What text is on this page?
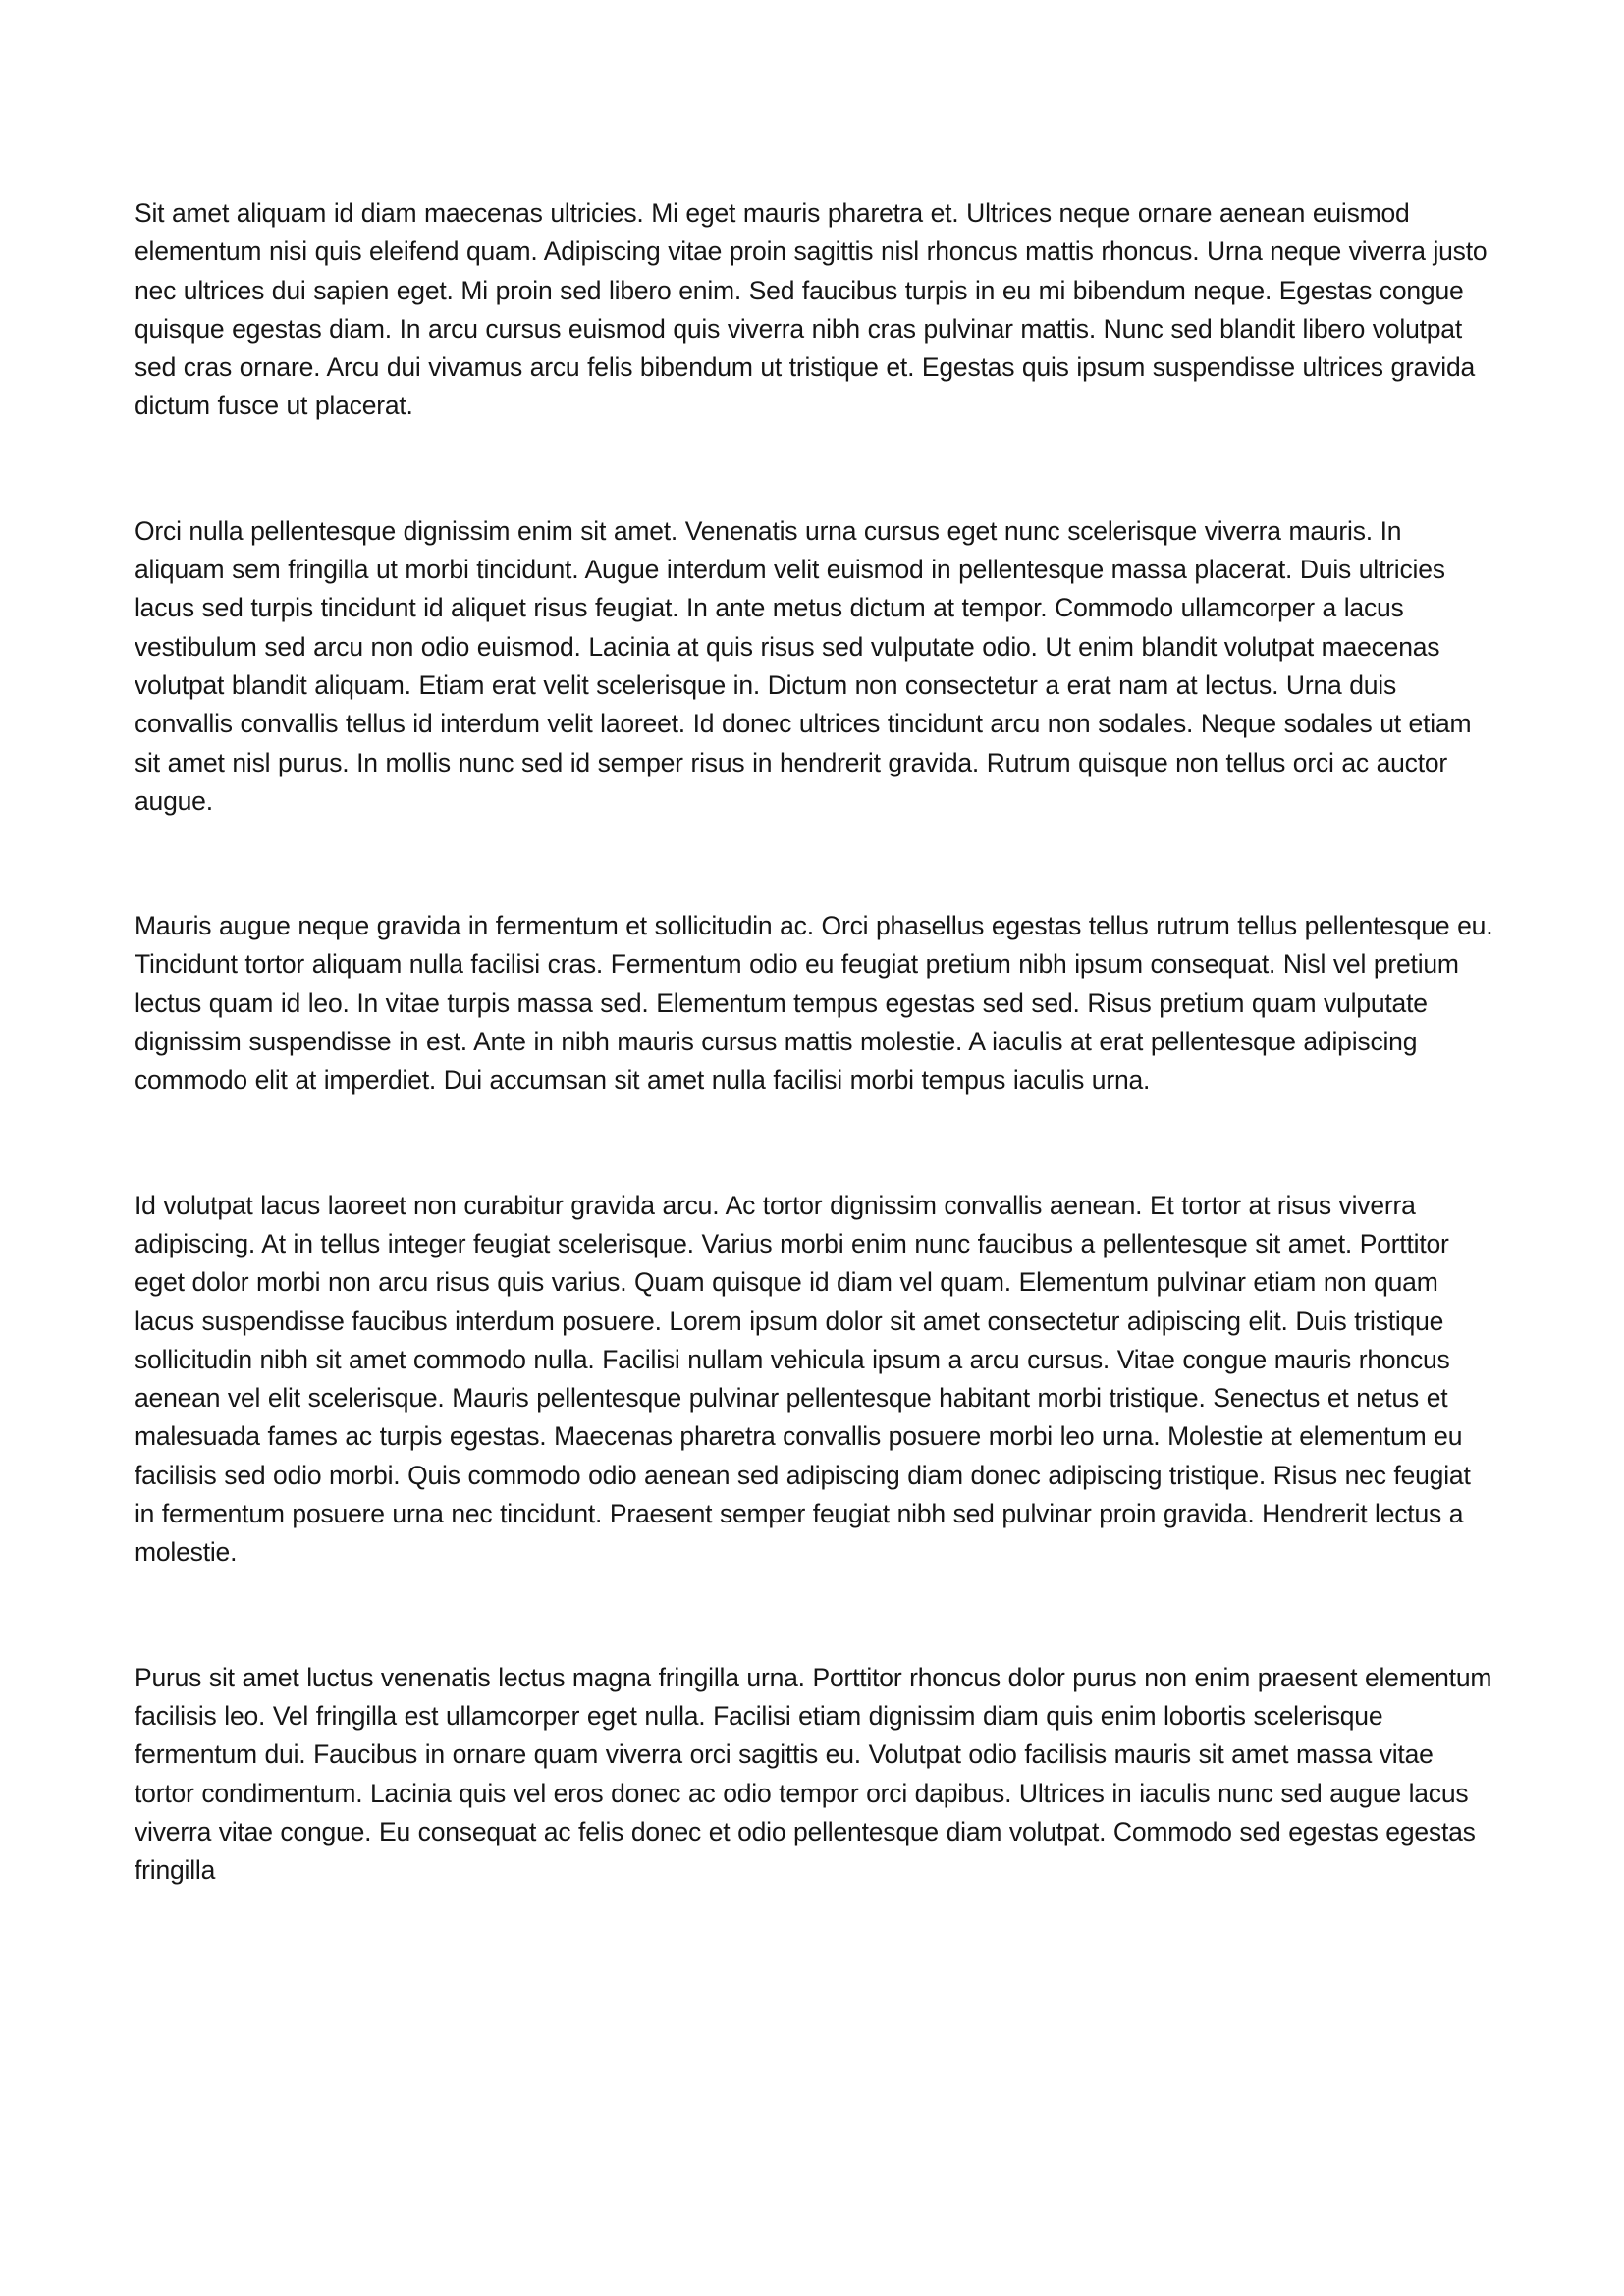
Sit amet aliquam id diam maecenas ultricies. Mi eget mauris pharetra et. Ultrices neque ornare aenean euismod elementum nisi quis eleifend quam. Adipiscing vitae proin sagittis nisl rhoncus mattis rhoncus. Urna neque viverra justo nec ultrices dui sapien eget. Mi proin sed libero enim. Sed faucibus turpis in eu mi bibendum neque. Egestas congue quisque egestas diam. In arcu cursus euismod quis viverra nibh cras pulvinar mattis. Nunc sed blandit libero volutpat sed cras ornare. Arcu dui vivamus arcu felis bibendum ut tristique et. Egestas quis ipsum suspendisse ultrices gravida dictum fusce ut placerat.

Orci nulla pellentesque dignissim enim sit amet. Venenatis urna cursus eget nunc scelerisque viverra mauris. In aliquam sem fringilla ut morbi tincidunt. Augue interdum velit euismod in pellentesque massa placerat. Duis ultricies lacus sed turpis tincidunt id aliquet risus feugiat. In ante metus dictum at tempor. Commodo ullamcorper a lacus vestibulum sed arcu non odio euismod. Lacinia at quis risus sed vulputate odio. Ut enim blandit volutpat maecenas volutpat blandit aliquam. Etiam erat velit scelerisque in. Dictum non consectetur a erat nam at lectus. Urna duis convallis convallis tellus id interdum velit laoreet. Id donec ultrices tincidunt arcu non sodales. Neque sodales ut etiam sit amet nisl purus. In mollis nunc sed id semper risus in hendrerit gravida. Rutrum quisque non tellus orci ac auctor augue.

Mauris augue neque gravida in fermentum et sollicitudin ac. Orci phasellus egestas tellus rutrum tellus pellentesque eu. Tincidunt tortor aliquam nulla facilisi cras. Fermentum odio eu feugiat pretium nibh ipsum consequat. Nisl vel pretium lectus quam id leo. In vitae turpis massa sed. Elementum tempus egestas sed sed. Risus pretium quam vulputate dignissim suspendisse in est. Ante in nibh mauris cursus mattis molestie. A iaculis at erat pellentesque adipiscing commodo elit at imperdiet. Dui accumsan sit amet nulla facilisi morbi tempus iaculis urna.

Id volutpat lacus laoreet non curabitur gravida arcu. Ac tortor dignissim convallis aenean. Et tortor at risus viverra adipiscing. At in tellus integer feugiat scelerisque. Varius morbi enim nunc faucibus a pellentesque sit amet. Porttitor eget dolor morbi non arcu risus quis varius. Quam quisque id diam vel quam. Elementum pulvinar etiam non quam lacus suspendisse faucibus interdum posuere. Lorem ipsum dolor sit amet consectetur adipiscing elit. Duis tristique sollicitudin nibh sit amet commodo nulla. Facilisi nullam vehicula ipsum a arcu cursus. Vitae congue mauris rhoncus aenean vel elit scelerisque. Mauris pellentesque pulvinar pellentesque habitant morbi tristique. Senectus et netus et malesuada fames ac turpis egestas. Maecenas pharetra convallis posuere morbi leo urna. Molestie at elementum eu facilisis sed odio morbi. Quis commodo odio aenean sed adipiscing diam donec adipiscing tristique. Risus nec feugiat in fermentum posuere urna nec tincidunt. Praesent semper feugiat nibh sed pulvinar proin gravida. Hendrerit lectus a molestie.

Purus sit amet luctus venenatis lectus magna fringilla urna. Porttitor rhoncus dolor purus non enim praesent elementum facilisis leo. Vel fringilla est ullamcorper eget nulla. Facilisi etiam dignissim diam quis enim lobortis scelerisque fermentum dui. Faucibus in ornare quam viverra orci sagittis eu. Volutpat odio facilisis mauris sit amet massa vitae tortor condimentum. Lacinia quis vel eros donec ac odio tempor orci dapibus. Ultrices in iaculis nunc sed augue lacus viverra vitae congue. Eu consequat ac felis donec et odio pellentesque diam volutpat. Commodo sed egestas egestas fringilla
